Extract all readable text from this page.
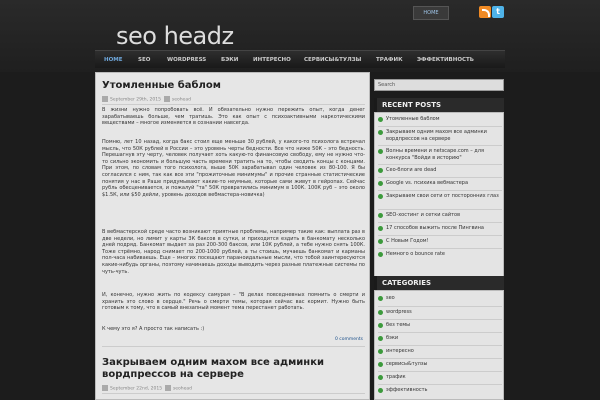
HOME	t
seo headz
HOME	SEO	WORDPRESS	БЭКИ	ИНТЕРЕСНО СЕРВИСЫ&ТУЛЗЫ	ТРАФИК	ЭФФЕКТИВНОСТЬ
Утомленные баблом
September 29th, 2015 seohead
В жизни нужно попробовать всё. И обязательно нужно пережить опыт, когда денег зарабатываешь больше, чем тратишь. Это как опыт с психоактивными наркотическими веществами – многое изменяется в сознании навсегда.
Помню, лет 10 назад, когда бакс стоил еще меньше 30 рублей, у какого-то психолога встречал мысль, что 50К рублей в России – это уровень черты бедности. Все что ниже 50К – это бедность. Перешагнув эту черту, человек получает хоть какую-то финансовую свободу, ему не нужно что-то сильно экономить и большую часть времени тратить на то, чтобы сводить концы с концами. При этом, по словам того психолога, выше 50К зарабатывал один человек из 80-100. Я бы согласился с ним, так как все эти "прожиточные минимумы" и прочие странные статистические понятия у нас в Раше придумывают какие-то неумные, которые сами живут в гейропах. Сейчас рубль обесценивается, и пожалуй "та" 50К превратились минимум в 100К. 100К руб – это около $1.5К, или $50 дейли, уровень доходов вебмастера-новичка)
В вебмастерской среде часто возникают приятные проблемы, например такие как: выплата раз в две недели, но лимит у карты 3К баксов в сутки, и приходится ездить в банкомату несколько дней подряд. Банкомат выдает за раз 200-300 баксов, или 10К рублей, а тебе нужно снять 100К. Тоже стрёмно, народ снимает по 200-1000 рублей, а ты стоишь, мучаешь банкомат и карманы пол-часа набиваешь. Еще – многих посещают параноидальные мысли, что тобой заинтересуются какие-нибудь органы, поэтому начинаешь доходы выводить через разные платежные системы по чуть-чуть.
И, конечно, нужно жить по кодексу самурая – "В делах повседневных помнить о смерти и хранить это слово в сердце." Речь о смерти темы, которая сейчас вас кормит. Нужно быть готовым к тому, что в самый внезапный момент тема перестанет работать.
К чему это я? А просто так написать :)
0 comments
Закрываем одним махом все админки вордпрессов на сервере
September 22nd, 2015 seohead
Search
RECENT POSTS
Утомленные баблом
Закрываем одним махом все админки вордпрессов на сервере
Волны времени и netscape.com – для конкурса "Войди в историю"
Сео-блоги are dead
Google vs. психика вебмастера
Закрываем свои сети от посторонних глаз
SEO-хостинг и сетки сайтов
17 способов выжить после Пингвина
С Новым Годом!
Немного о bounce rate
CATEGORIES
seo
wordpress
без темы
бэки
интересно
сервисы&тулзы
трафик
эффективность
